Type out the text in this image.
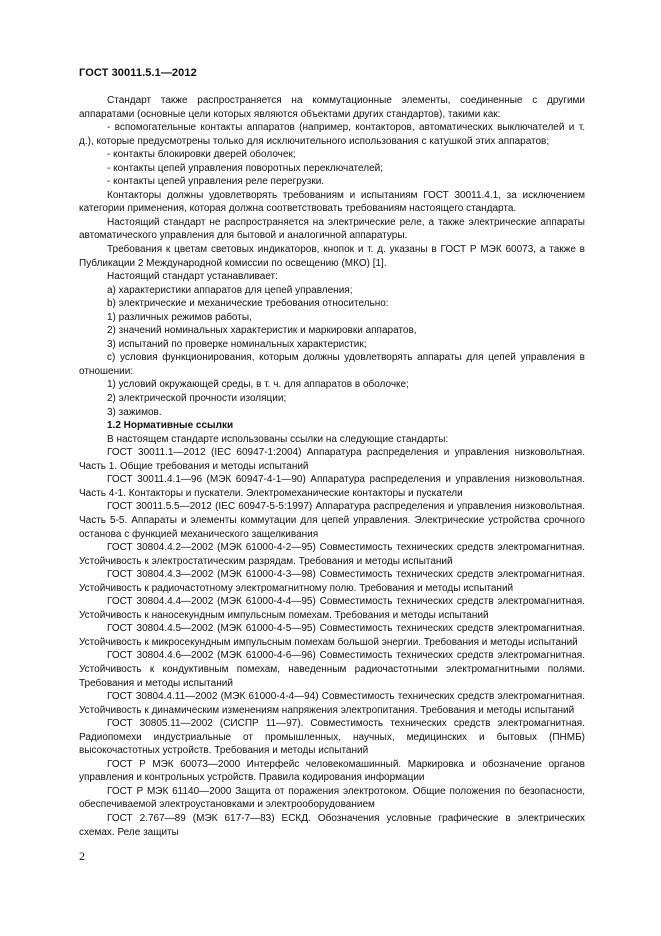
ГОСТ 30011.5.1—2012

Стандарт также распространяется на коммутационные элементы, соединенные с другими аппаратами (основные цели которых являются объектами других стандартов), такими как:

- вспомогательные контакты аппаратов (например, контакторов, автоматических выключателей и т. д.), которые предусмотрены только для исключительного использования с катушкой этих аппаратов;

- контакты блокировки дверей оболочек;

- контакты цепей управления поворотных переключателей;

- контакты цепей управления реле перегрузки.

Контакторы должны удовлетворять требованиям и испытаниям ГОСТ 30011.4.1, за исключением категории применения, которая должна соответствовать требованиям настоящего стандарта.

Настоящий стандарт не распространяется на электрические реле, а также электрические аппараты автоматического управления для бытовой и аналогичной аппаратуры.

Требования к цветам световых индикаторов, кнопок и т. д. указаны в ГОСТ Р МЭК 60073, а также в Публикации 2 Международной комиссии по освещению (МКО) [1].

Настоящий стандарт устанавливает:

a) характеристики аппаратов для цепей управления;

b) электрические и механические требования относительно:

1) различных режимов работы,

2) значений номинальных характеристик и маркировки аппаратов,

3) испытаний по проверке номинальных характеристик;

c) условия функционирования, которым должны удовлетворять аппараты для цепей управления в отношении:

1) условий окружающей среды, в т. ч. для аппаратов в оболочке;

2) электрической прочности изоляции;

3) зажимов.

1.2 Нормативные ссылки

В настоящем стандарте использованы ссылки на следующие стандарты:

ГОСТ 30011.1—2012 (IEC 60947-1:2004) Аппаратура распределения и управления низковольтная. Часть 1. Общие требования и методы испытаний

ГОСТ 30011.4.1—96 (МЭК 60947-4-1—90) Аппаратура распределения и управления низковольтная. Часть 4-1. Контакторы и пускатели. Электромеханические контакторы и пускатели

ГОСТ 30011.5.5—2012 (IEC 60947-5-5:1997) Аппаратура распределения и управления низковольтная. Часть 5-5. Аппараты и элементы коммутации для цепей управления. Электрические устройства срочного останова с функцией механического защелкивания

ГОСТ 30804.4.2—2002 (МЭК 61000-4-2—95) Совместимость технических средств электромагнитная. Устойчивость к электростатическим разрядам. Требования и методы испытаний

ГОСТ 30804.4.3—2002 (МЭК 61000-4-3—98) Совместимость технических средств электромагнитная. Устойчивость к радиочастотному электромагнитному полю. Требования и методы испытаний

ГОСТ 30804.4.4—2002 (МЭК 61000-4-4—95) Совместимость технических средств электромагнитная. Устойчивость к наносекундным импульсным помехам. Требования и методы испытаний

ГОСТ 30804.4.5—2002 (МЭК 61000-4-5—95) Совместимость технических средств электромагнитная. Устойчивость к микросекундным импульсным помехам большой энергии. Требования и методы испытаний

ГОСТ 30804.4.6—2002 (МЭК 61000-4-6—96) Совместимость технических средств электромагнитная. Устойчивость к кондуктивным помехам, наведенным радиочастотными электромагнитными полями. Требования и методы испытаний

ГОСТ 30804.4.11—2002 (МЭК 61000-4-4—94) Совместимость технических средств электромагнитная. Устойчивость к динамическим изменениям напряжения электропитания. Требования и методы испытаний

ГОСТ 30805.11—2002 (СИСПР 11—97). Совместимость технических средств электромагнитная. Радиопомехи индустриальные от промышленных, научных, медицинских и бытовых (ПНМБ) высокочастотных устройств. Требования и методы испытаний

ГОСТ Р МЭК 60073—2000 Интерфейс человекомашинный. Маркировка и обозначение органов управления и контрольных устройств. Правила кодирования информации

ГОСТ Р МЭК 61140—2000 Защита от поражения электротоком. Общие положения по безопасности, обеспечиваемой электроустановками и электрооборудованием

ГОСТ 2.767—89 (МЭК 617-7—83) ЕСКД. Обозначения условные графические в электрических схемах. Реле защиты

2
